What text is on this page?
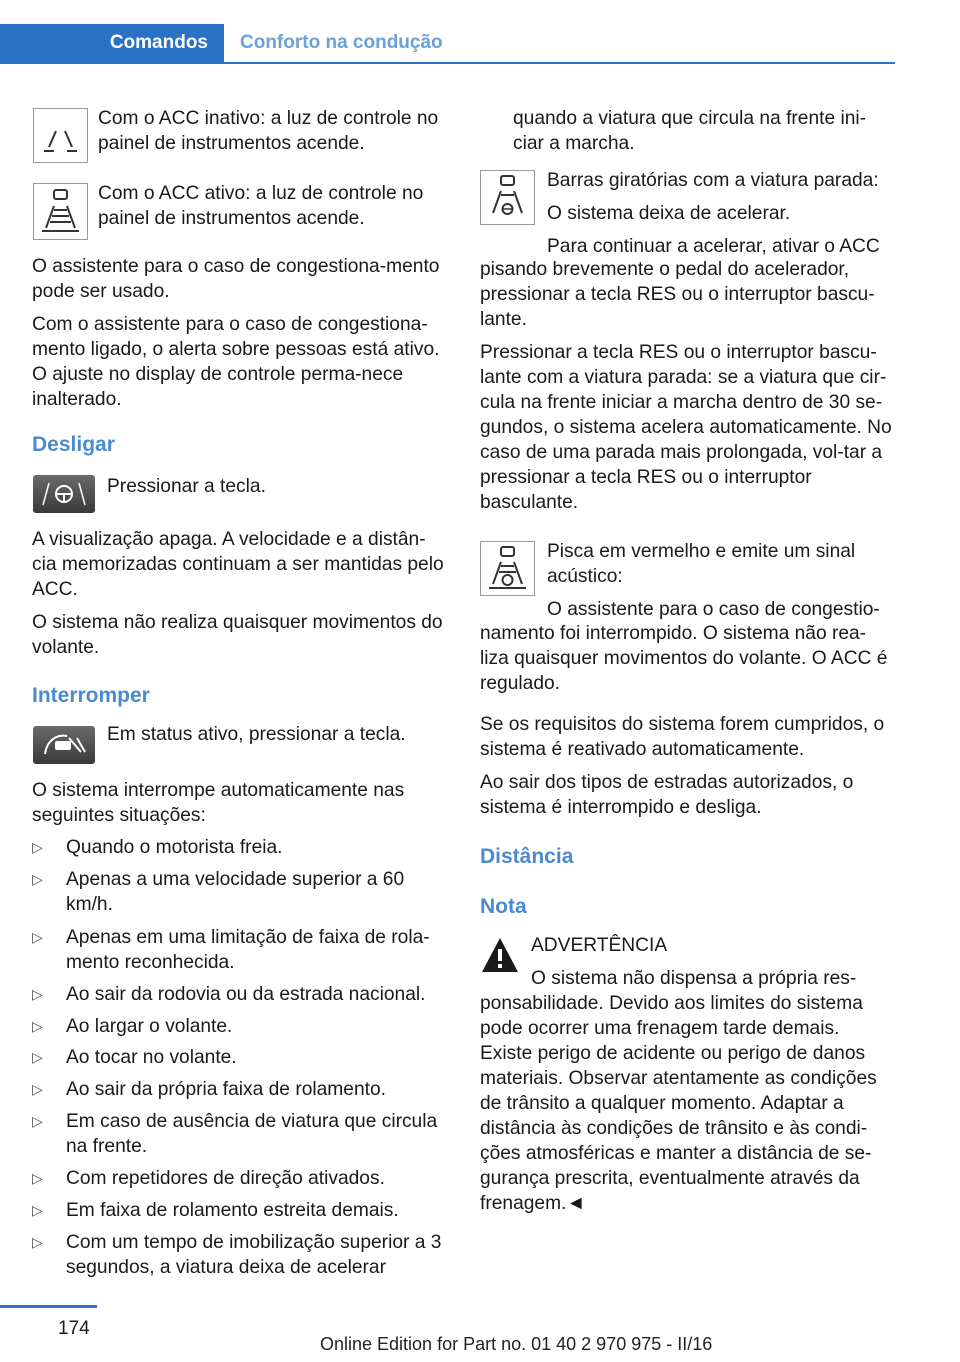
Comandos	Conforto na condução
Com o ACC inativo: a luz de controle no painel de instrumentos acende.
Com o ACC ativo: a luz de controle no painel de instrumentos acende.

O assistente para o caso de congestiona-mento pode ser usado.

Com o assistente para o caso de congestiona-mento ligado, o alerta sobre pessoas está ativo. O ajuste no display de controle perma-nece inalterado.

Desligar
Pressionar a tecla.

A visualização apaga. A velocidade e a distân-cia memorizadas continuam a ser mantidas pelo ACC.

O sistema não realiza quaisquer movimentos do volante.

Interromper
Em status ativo, pressionar a tecla.
O sistema interrompe automaticamente nas seguintes situações:
▷ Quando o motorista freia.
▷ Apenas a uma velocidade superior a 60 km/h.
▷ Apenas em uma limitação de faixa de rola-mento reconhecida.
▷ Ao sair da rodovia ou da estrada nacional.
▷ Ao largar o volante.
▷ Ao tocar no volante.
▷ Ao sair da própria faixa de rolamento.
▷ Em caso de ausência de viatura que circula na frente.
▷ Com repetidores de direção ativados.
▷ Em faixa de rolamento estreita demais.
▷ Com um tempo de imobilização superior a 3 segundos, a viatura deixa de acelerar
quando a viatura que circula na frente ini-ciar a marcha.

Barras giratórias com a viatura parada:

O sistema deixa de acelerar.

Para continuar a acelerar, ativar o ACC

pisando brevemente o pedal do acelerador, pressionar a tecla RES ou o interruptor bascu-lante.

Pressionar a tecla RES ou o interruptor bascu-lante com a viatura parada: se a viatura que cir-cula na frente iniciar a marcha dentro de 30 se-gundos, o sistema acelera automaticamente. No caso de uma parada mais prolongada, vol-tar a pressionar a tecla RES ou o interruptor basculante.

Pisca em vermelho e emite um sinal acústico:

O assistente para o caso de congestio-

namento foi interrompido. O sistema não rea-liza quaisquer movimentos do volante. O ACC é regulado.

Se os requisitos do sistema forem cumpridos, o sistema é reativado automaticamente.

Ao sair dos tipos de estradas autorizados, o sistema é interrompido e desliga.

Distância
Nota

ADVERTÊNCIA

O sistema não dispensa a própria res-

ponsabilidade. Devido aos limites do sistema pode ocorrer uma frenagem tarde demais. Existe perigo de acidente ou perigo de danos materiais. Observar atentamente as condições de trânsito a qualquer momento. Adaptar a distância às condições de trânsito e às condi-ções atmosféricas e manter a distância de se-gurança prescrita, eventualmente através da frenagem.◄
174
Online Edition for Part no. 01 40 2 970 975 - II/16
